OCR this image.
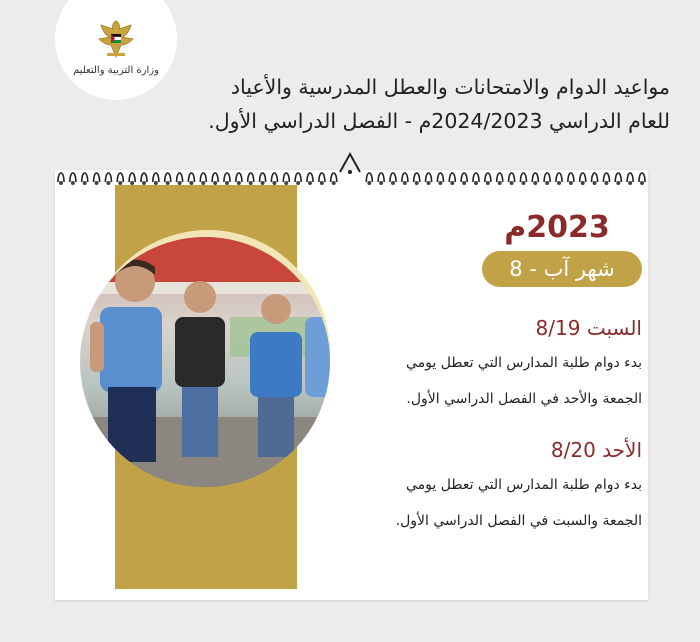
وزارة التربية والتعليم
مواعيد الدوام والامتحانات والعطل المدرسية والأعياد
للعام الدراسي 2024/2023م - الفصل الدراسي الأول.
2023م
شهر آب - 8
السبت 8/19
بدء دوام طلبة المدارس التي تعطل يومي
الجمعة والأحد في الفصل الدراسي الأول.
الأحد 8/20
بدء دوام طلبة المدارس التي تعطل يومي
الجمعة والسبت في الفصل الدراسي الأول.
